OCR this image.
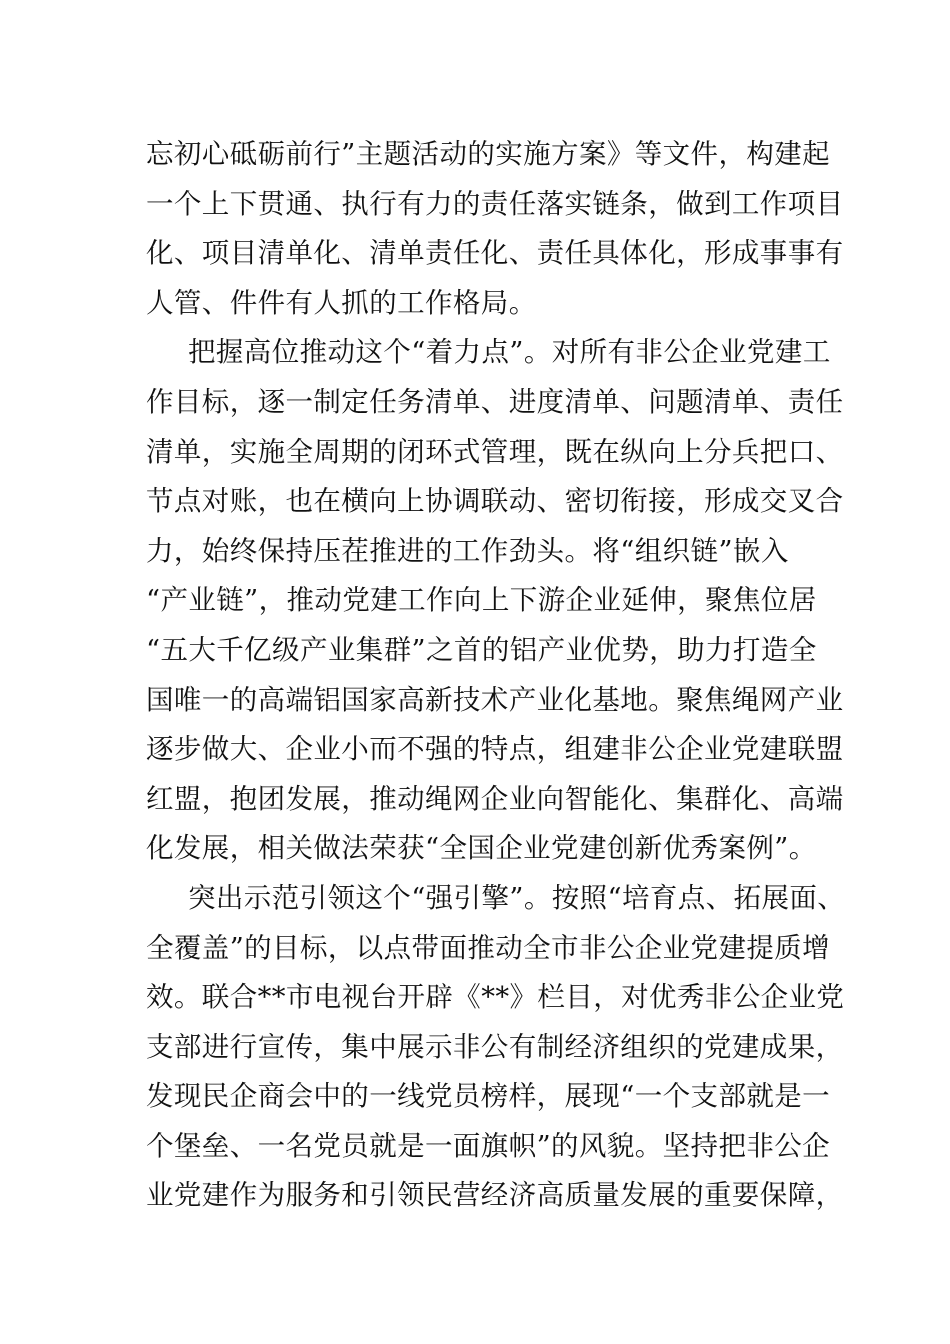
忘初心砥砺前行”主题活动的实施方案》等文件，构建起
一个上下贯通、执行有力的责任落实链条，做到工作项目
化、项目清单化、清单责任化、责任具体化，形成事事有
人管、件件有人抓的工作格局。
把握高位推动这个“着力点”。对所有非公企业党建工
作目标，逐一制定任务清单、进度清单、问题清单、责任
清单，实施全周期的闭环式管理，既在纵向上分兵把口、
节点对账，也在横向上协调联动、密切衔接，形成交叉合
力，始终保持压茬推进的工作劲头。将“组织链”嵌入
“产业链”，推动党建工作向上下游企业延伸，聚焦位居
“五大千亿级产业集群”之首的铝产业优势，助力打造全
国唯一的高端铝国家高新技术产业化基地。聚焦绳网产业
逐步做大、企业小而不强的特点，组建非公企业党建联盟
红盟，抱团发展，推动绳网企业向智能化、集群化、高端
化发展，相关做法荣获“全国企业党建创新优秀案例”。
突出示范引领这个“强引擎”。按照“培育点、拓展面、
全覆盖”的目标，以点带面推动全市非公企业党建提质增
效。联合**市电视台开辟《**》栏目，对优秀非公企业党
支部进行宣传，集中展示非公有制经济组织的党建成果，
发现民企商会中的一线党员榜样，展现“一个支部就是一
个堡垒、一名党员就是一面旗帜”的风貌。坚持把非公企
业党建作为服务和引领民营经济高质量发展的重要保障，
